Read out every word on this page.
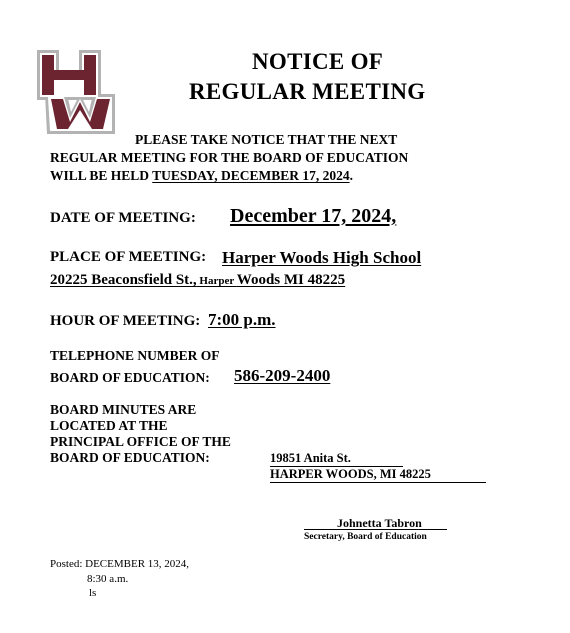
NOTICE OF
REGULAR MEETING
PLEASE TAKE NOTICE THAT THE NEXT
REGULAR MEETING FOR THE BOARD OF EDUCATION
WILL BE HELD TUESDAY, DECEMBER 17, 2024.
DATE OF MEETING: December 17, 2024,
PLACE OF MEETING: Harper Woods High School
20225 Beaconsfield St., Harper Woods MI 48225
HOUR OF MEETING: 7:00 p.m.
TELEPHONE NUMBER OF
BOARD OF EDUCATION: 586-209-2400
BOARD MINUTES ARE
LOCATED AT THE
PRINCIPAL OFFICE OF THE
BOARD OF EDUCATION:	19851 Anita St.
HARPER WOODS, MI 48225
Johnetta Tabron
Secretary, Board of Education
Posted: DECEMBER 13, 2024,
8:30 a.m.
ls
